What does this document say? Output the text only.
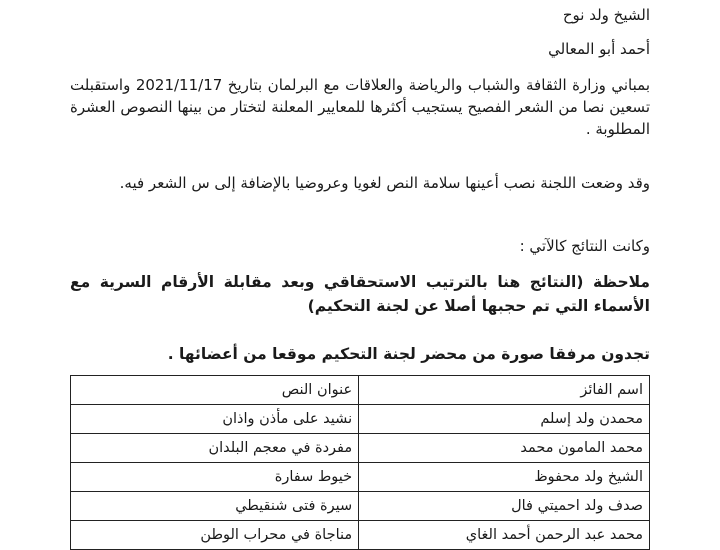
الشيخ ولد نوح
أحمد أبو المعالي
بمباني وزارة الثقافة والشباب والرياضة والعلاقات مع البرلمان بتاريخ 2021/11/17 واستقبلت تسعين نصا من الشعر الفصيح يستجيب أكثرها للمعايير المعلنة لتختار من بينها النصوص العشرة المطلوبة .
وقد وضعت اللجنة نصب أعينها سلامة النص لغويا وعروضيا بالإضافة إلى س الشعر فيه.
وكانت النتائج كالآتي :
ملاحظة (النتائج هنا بالترتيب الاستحقاقي وبعد مقابلة الأرقام السرية مع الأسماء التي تم حجبها أصلا عن لجنة التحكيم)
تجدون مرفقا صورة من محضر لجنة التحكيم موقعا من أعضائها .
اسم الفائز	عنوان النص
محمدن ولد إسلم	نشيد على مأذن واذان
محمد المامون محمد	مفردة في معجم البلدان
الشيخ ولد محفوظ	خيوط سفارة
صدف ولد احميتي فال	سيرة فتى شنقيطي
محمد عبد الرحمن أحمد الغاي	مناجاة في محراب الوطن
